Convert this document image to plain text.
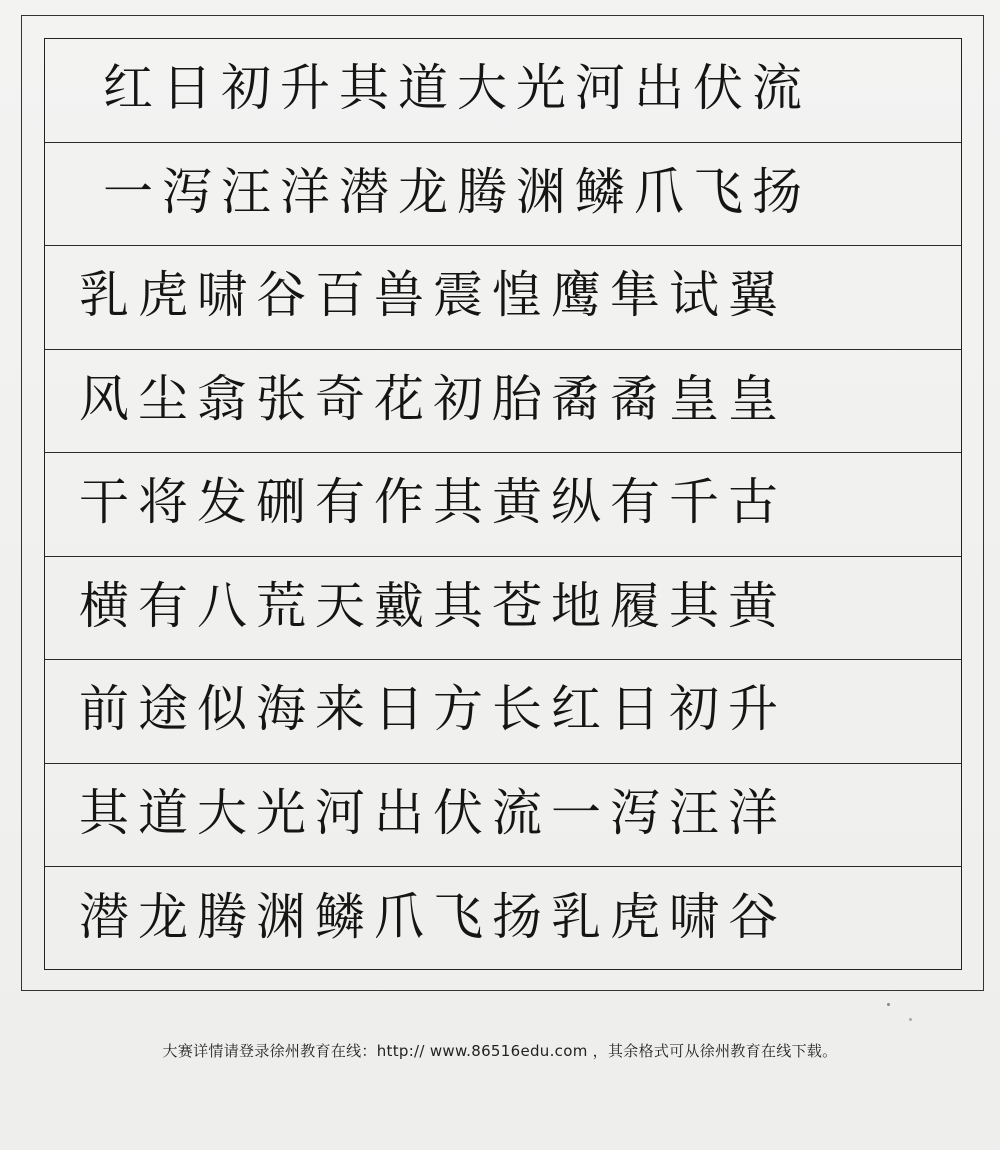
红日初升其道大光河出伏流
一泻汪洋潜龙腾渊鳞爪飞扬
乳虎啸谷百兽震惶鹰隼试翼
风尘翕张奇花初胎矞矞皇皇
干将发硎有作其黄纵有千古
横有八荒天戴其苍地履其黄
前途似海来日方长红日初升
其道大光河出伏流一泻汪洋
潜龙腾渊鳞爪飞扬乳虎啸谷
大赛详情请登录徐州教育在线：http:// www.86516edu.com ，其余格式可从徐州教育在线下载。
